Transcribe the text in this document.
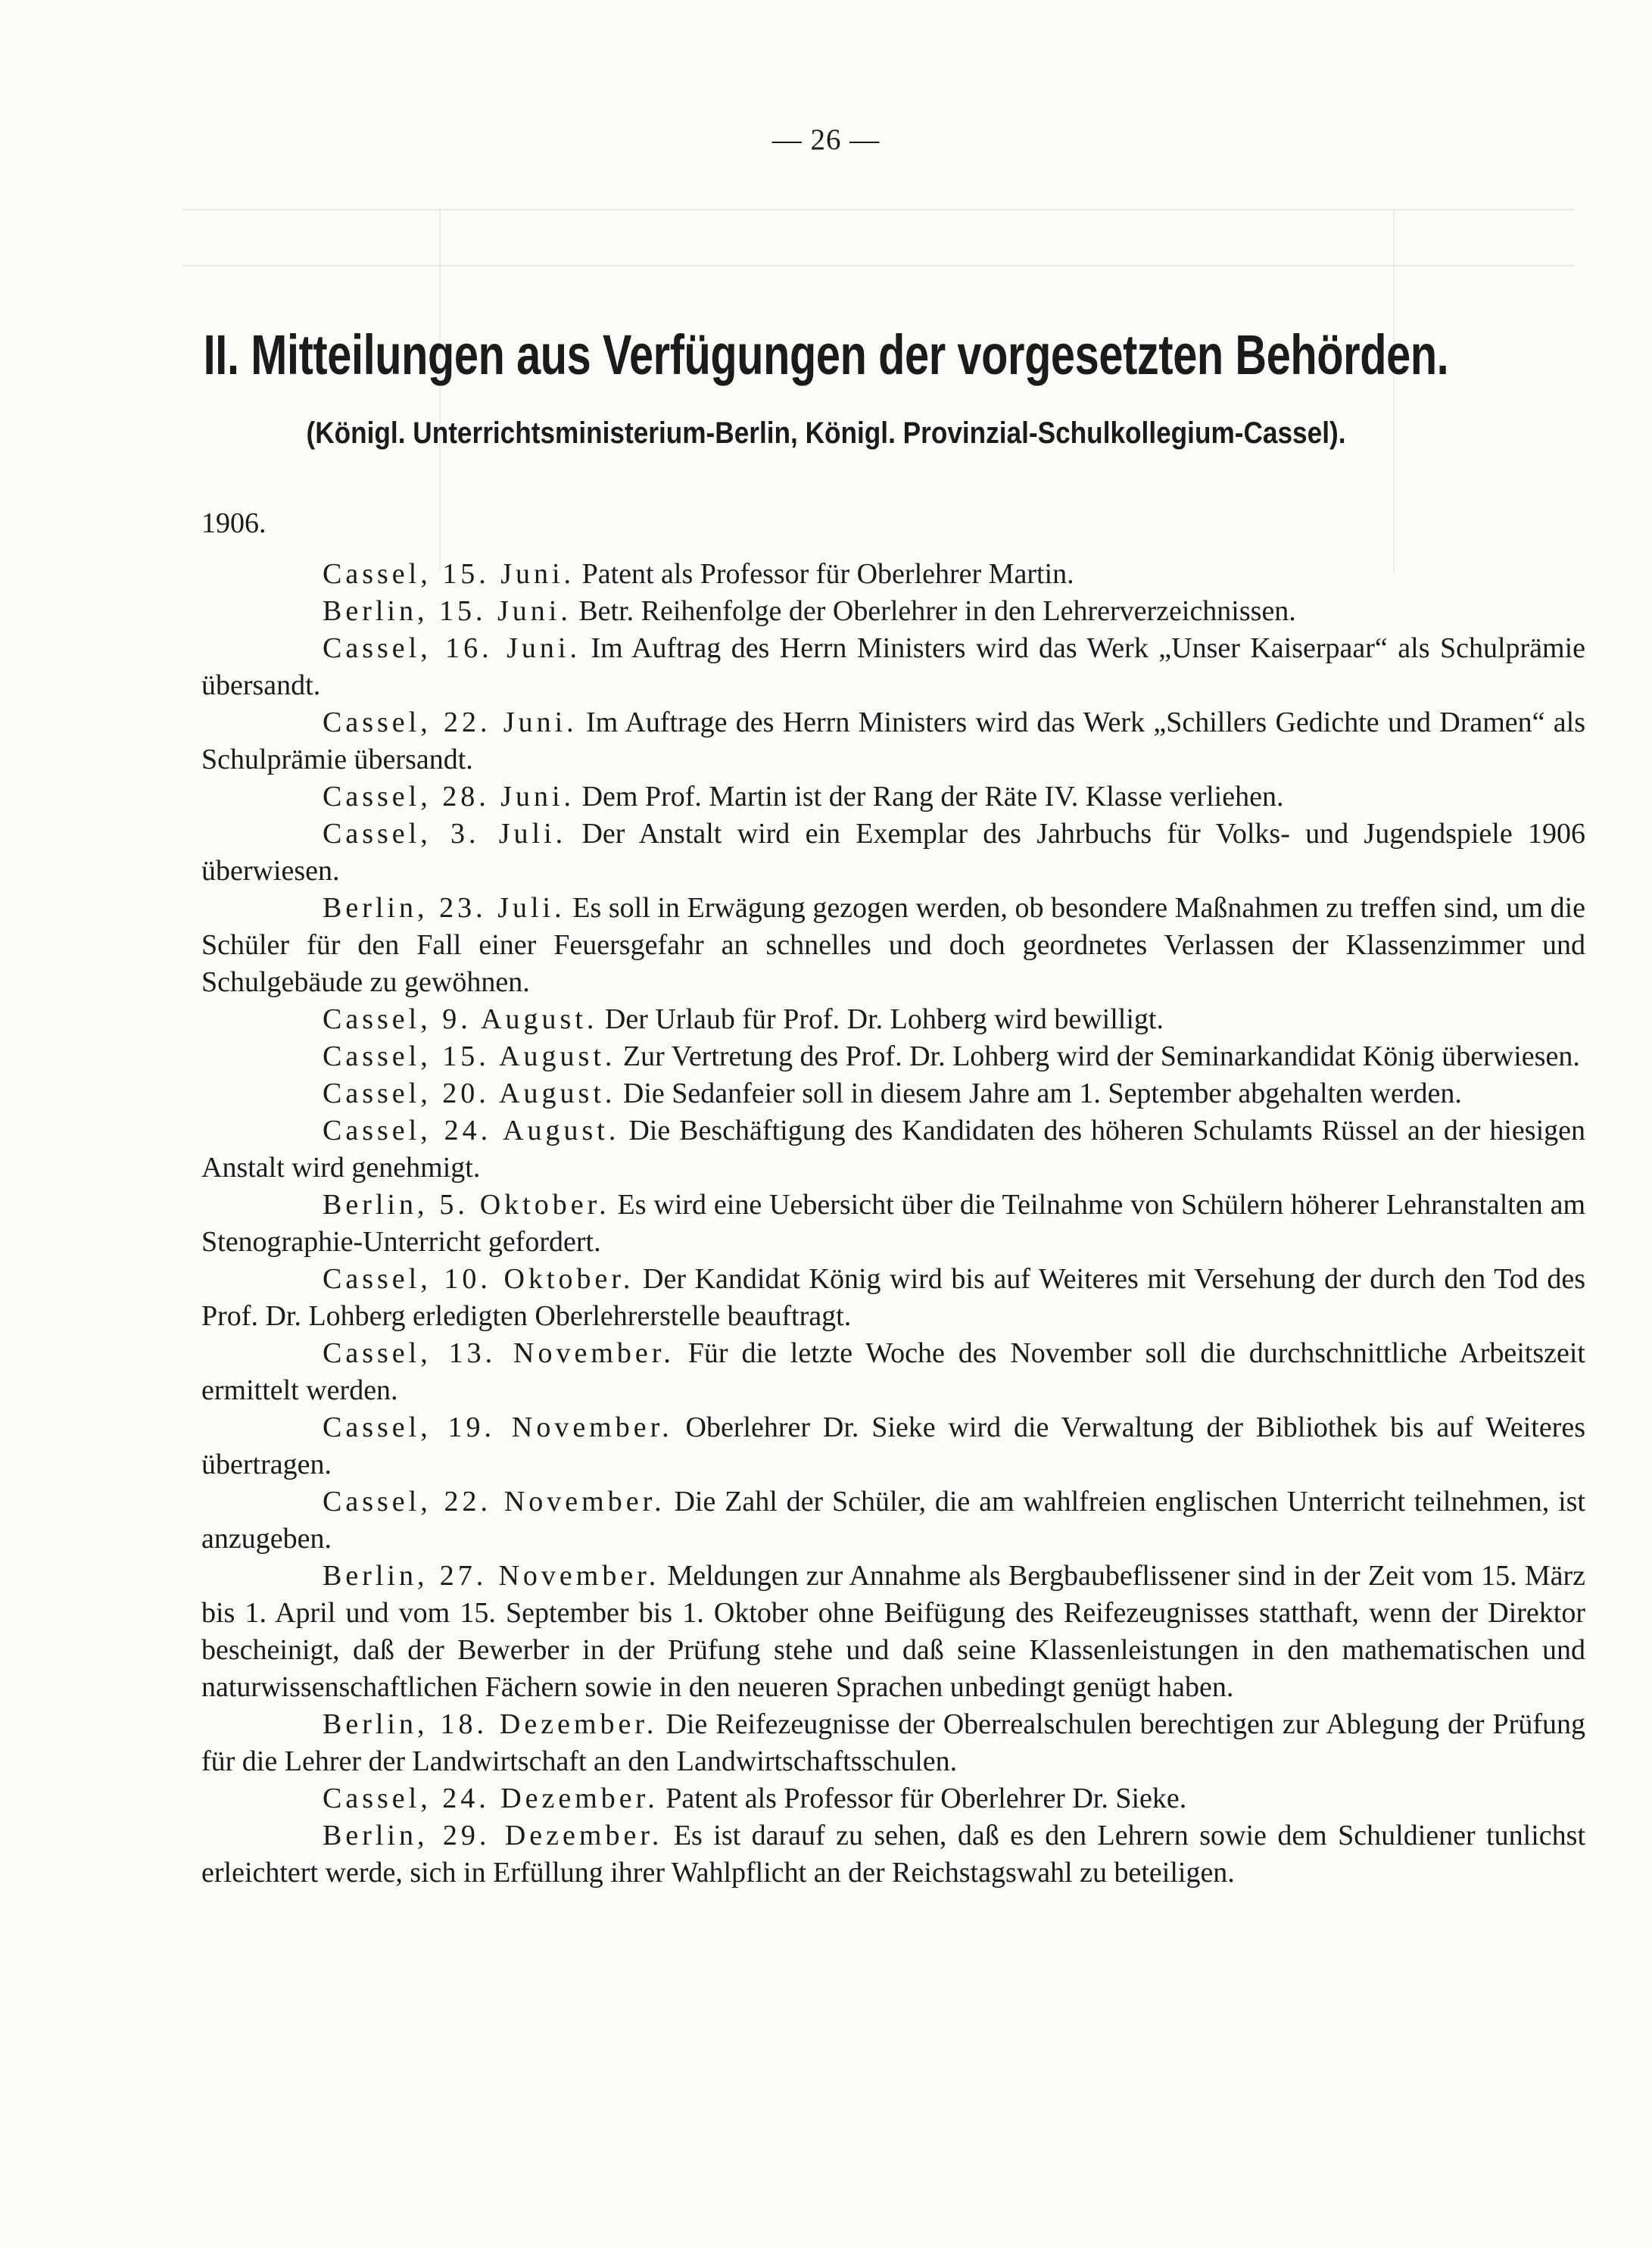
— 26 —
II. Mitteilungen aus Verfügungen der vorgesetzten Behörden.
(Königl. Unterrichtsministerium-Berlin, Königl. Provinzial-Schulkollegium-Cassel).
1906.

Cassel, 15. Juni. Patent als Professor für Oberlehrer Martin.

Berlin, 15. Juni. Betr. Reihenfolge der Oberlehrer in den Lehrerverzeichnissen.

Cassel, 16. Juni. Im Auftrag des Herrn Ministers wird das Werk „Unser Kaiserpaar“ als Schulprämie übersandt.

Cassel, 22. Juni. Im Auftrage des Herrn Ministers wird das Werk „Schillers Gedichte und Dramen“ als Schulprämie übersandt.

Cassel, 28. Juni. Dem Prof. Martin ist der Rang der Räte IV. Klasse verliehen.

Cassel, 3. Juli. Der Anstalt wird ein Exemplar des Jahrbuchs für Volks- und Jugendspiele 1906 überwiesen.

Berlin, 23. Juli. Es soll in Erwägung gezogen werden, ob besondere Maßnahmen zu treffen sind, um die Schüler für den Fall einer Feuersgefahr an schnelles und doch geordnetes Verlassen der Klassenzimmer und Schulgebäude zu gewöhnen.

Cassel, 9. August. Der Urlaub für Prof. Dr. Lohberg wird bewilligt.

Cassel, 15. August. Zur Vertretung des Prof. Dr. Lohberg wird der Seminarkandidat König überwiesen.

Cassel, 20. August. Die Sedanfeier soll in diesem Jahre am 1. September abgehalten werden.

Cassel, 24. August. Die Beschäftigung des Kandidaten des höheren Schulamts Rüssel an der hiesigen Anstalt wird genehmigt.

Berlin, 5. Oktober. Es wird eine Uebersicht über die Teilnahme von Schülern höherer Lehranstalten am Stenographie-Unterricht gefordert.

Cassel, 10. Oktober. Der Kandidat König wird bis auf Weiteres mit Versehung der durch den Tod des Prof. Dr. Lohberg erledigten Oberlehrerstelle beauftragt.

Cassel, 13. November. Für die letzte Woche des November soll die durchschnittliche Arbeitszeit ermittelt werden.

Cassel, 19. November. Oberlehrer Dr. Sieke wird die Verwaltung der Bibliothek bis auf Weiteres übertragen.

Cassel, 22. November. Die Zahl der Schüler, die am wahlfreien englischen Unterricht teilnehmen, ist anzugeben.

Berlin, 27. November. Meldungen zur Annahme als Bergbaubeflissener sind in der Zeit vom 15. März bis 1. April und vom 15. September bis 1. Oktober ohne Beifügung des Reifezeugnisses statthaft, wenn der Direktor bescheinigt, daß der Bewerber in der Prüfung stehe und daß seine Klassenleistungen in den mathematischen und naturwissenschaftlichen Fächern sowie in den neueren Sprachen unbedingt genügt haben.

Berlin, 18. Dezember. Die Reifezeugnisse der Oberrealschulen berechtigen zur Ablegung der Prüfung für die Lehrer der Landwirtschaft an den Landwirtschaftsschulen.

Cassel, 24. Dezember. Patent als Professor für Oberlehrer Dr. Sieke.

Berlin, 29. Dezember. Es ist darauf zu sehen, daß es den Lehrern sowie dem Schuldiener tunlichst erleichtert werde, sich in Erfüllung ihrer Wahlpflicht an der Reichstagswahl zu beteiligen.
